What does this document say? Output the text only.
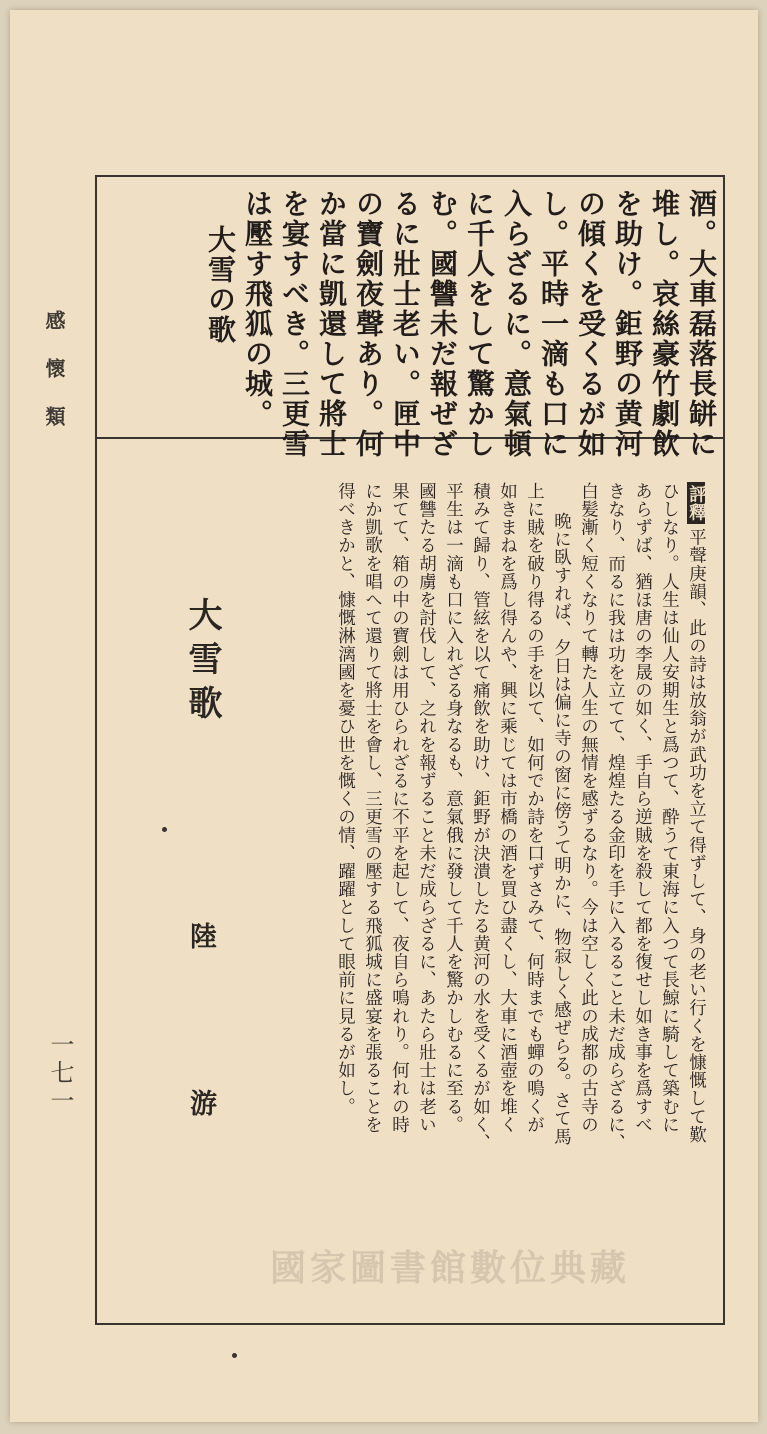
感懷類
一七一
酒。大車磊落長缾に
堆し。哀絲豪竹劇飲
を助け。鉅野の黄河
の傾くを受くるが如
し。平時一滴も口に
入らざるに。意氣頓
に千人をして驚かし
む。國讐未だ報ぜざ
るに壯士老い。匣中
の寶劍夜聲あり。何
か當に凱還して將士
を宴すべき。三更雪
は壓す飛狐の城。
大雪の歌
評釋平聲庚韻、此の詩は放翁が武功を立て得ずして、身の老い行くを慷慨して歎
ひしなり。人生は仙人安期生と爲つて、酔うて東海に入つて長鯨に騎して築むに
あらずば、猶ほ唐の李晟の如く、手自ら逆賊を殺して都を復せし如き事を爲すべ
きなり、而るに我は功を立てて、煌煌たる金印を手に入るること未だ成らざるに、
白髪漸く短くなりて轉た人生の無情を感ずるなり。今は空しく此の成都の古寺の
晩に臥すれば、夕日は偏に寺の窗に傍うて明かに、物寂しく感ぜらる。さて馬
上に賊を破り得るの手を以て、如何でか詩を口ずさみて、何時までも蟬の鳴くが
如きまねを爲し得んや、興に乘じては市橋の酒を買ひ盡くし、大車に酒壺を堆く
積みて歸り、管絃を以て痛飲を助け、鉅野が決潰したる黄河の水を受くるが如く、
平生は一滴も口に入れざる身なるも、意氣俄に發して千人を驚かしむるに至る。
國讐たる胡虜を討伐して、之れを報ずること未だ成らざるに、あたら壯士は老い
果てて、箱の中の寶劍は用ひられざるに不平を起して、夜自ら鳴れり。何れの時
にか凱歌を唱へて還りて將士を會し、三更雪の壓する飛狐城に盛宴を張ることを
得べきかと、慷慨淋漓國を憂ひ世を慨くの情、躍躍として眼前に見るが如し。
大雪歌
陸游
國家圖書館數位典藏
